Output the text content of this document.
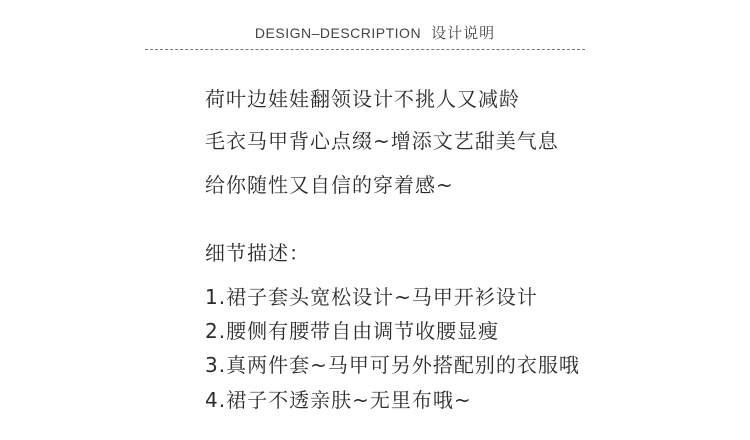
DESIGN–DESCRIPTION 设计说明
荷叶边娃娃翻领设计不挑人又减龄
毛衣马甲背心点缀~增添文艺甜美气息
给你随性又自信的穿着感~
细节描述：
1.裙子套头宽松设计~马甲开衫设计
2.腰侧有腰带自由调节收腰显瘦
3.真两件套~马甲可另外搭配别的衣服哦
4.裙子不透亲肤~无里布哦~
